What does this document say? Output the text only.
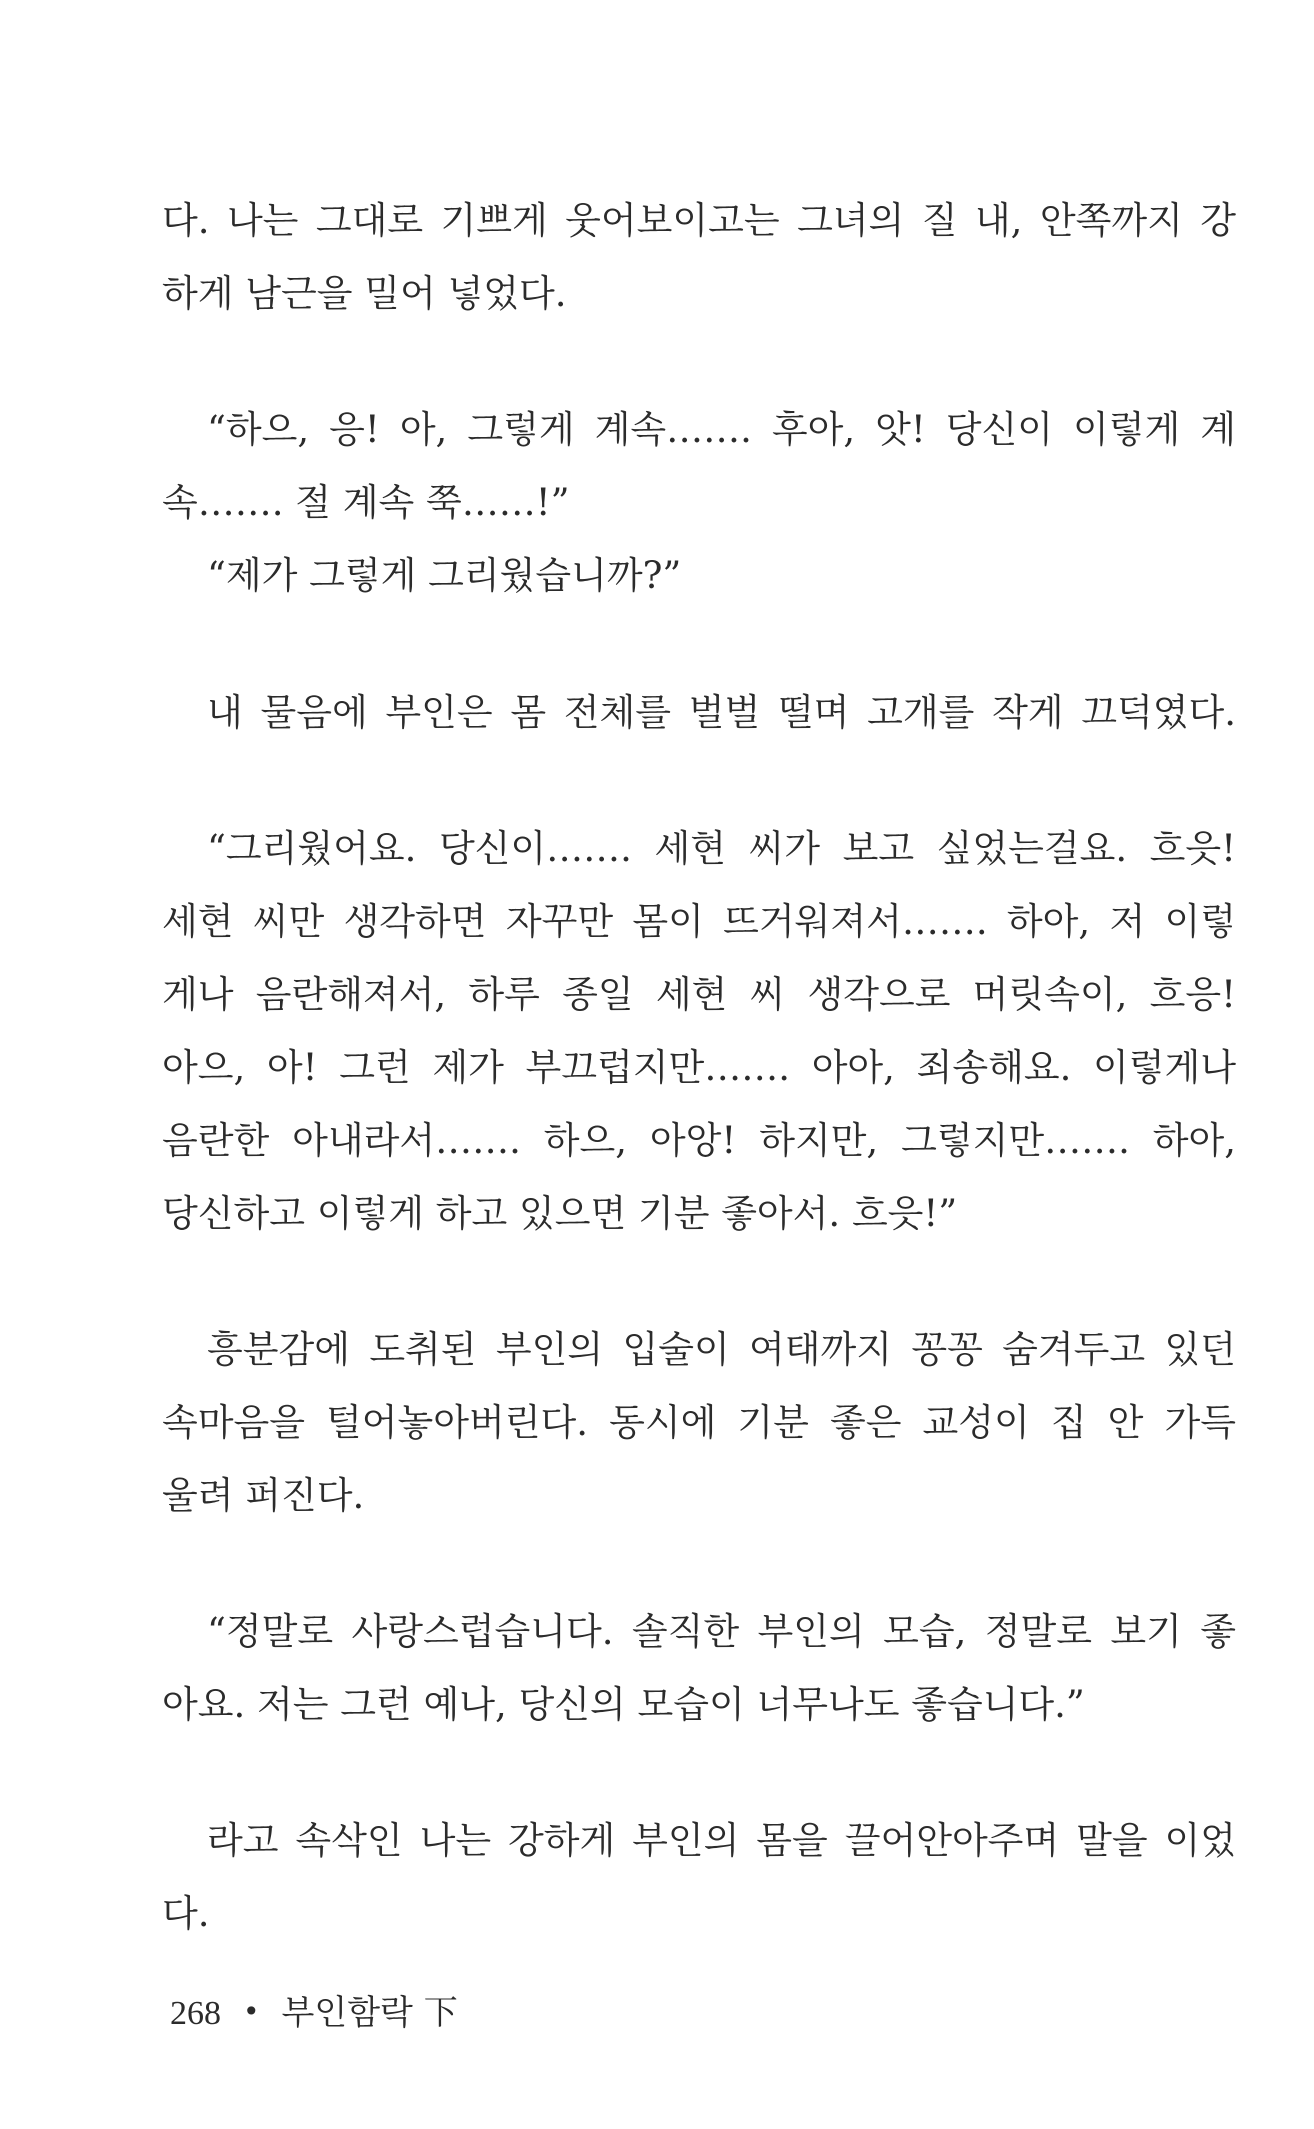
다. 나는 그대로 기쁘게 웃어보이고는 그녀의 질 내, 안쪽까지 강
하게 남근을 밀어 넣었다.
“하으, 응! 아, 그렇게 계속……. 후아, 앗! 당신이 이렇게 계
속……. 절 계속 쭉……!”
“제가 그렇게 그리웠습니까?”
내 물음에 부인은 몸 전체를 벌벌 떨며 고개를 작게 끄덕였다.
“그리웠어요. 당신이……. 세현 씨가 보고 싶었는걸요. 흐읏!
세현 씨만 생각하면 자꾸만 몸이 뜨거워져서……. 하아, 저 이렇
게나 음란해져서, 하루 종일 세현 씨 생각으로 머릿속이, 흐응!
아으, 아! 그런 제가 부끄럽지만……. 아아, 죄송해요. 이렇게나
음란한 아내라서……. 하으, 아앙! 하지만, 그렇지만……. 하아,
당신하고 이렇게 하고 있으면 기분 좋아서. 흐읏!”
흥분감에 도취된 부인의 입술이 여태까지 꽁꽁 숨겨두고 있던
속마음을 털어놓아버린다. 동시에 기분 좋은 교성이 집 안 가득
울려 퍼진다.
“정말로 사랑스럽습니다. 솔직한 부인의 모습, 정말로 보기 좋
아요. 저는 그런 예나, 당신의 모습이 너무나도 좋습니다.”
라고 속삭인 나는 강하게 부인의 몸을 끌어안아주며 말을 이었
다.
268 • 부인함락 下
